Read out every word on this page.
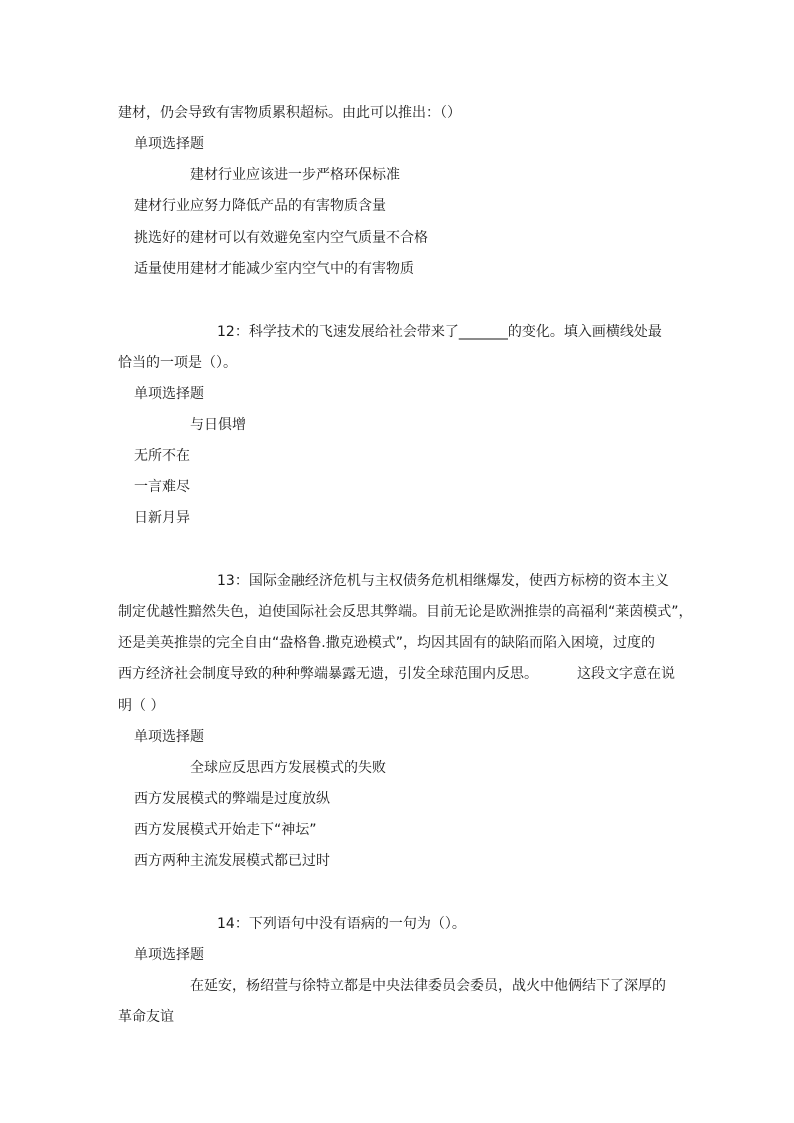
建材，仍会导致有害物质累积超标。由此可以推出：（）
单项选择题
建材行业应该进一步严格环保标准
建材行业应努力降低产品的有害物质含量
挑选好的建材可以有效避免室内空气质量不合格
适量使用建材才能减少室内空气中的有害物质
12：科学技术的飞速发展给社会带来了_______的变化。填入画横线处最
恰当的一项是（）。
单项选择题
与日俱增
无所不在
一言难尽
日新月异
13：国际金融经济危机与主权债务危机相继爆发，使西方标榜的资本主义
制定优越性黯然失色，迫使国际社会反思其弊端。目前无论是欧洲推崇的高福利“莱茵模式”，
还是美英推崇的完全自由“盎格鲁.撒克逊模式”，均因其固有的缺陷而陷入困境，过度的
西方经济社会制度导致的种种弊端暴露无遗，引发全球范围内反思。	这段文字意在说
明（ ）
单项选择题
全球应反思西方发展模式的失败
西方发展模式的弊端是过度放纵
西方发展模式开始走下“神坛”
西方两种主流发展模式都已过时
14：下列语句中没有语病的一句为（）。
单项选择题
在延安，杨绍萱与徐特立都是中央法律委员会委员，战火中他俩结下了深厚的
革命友谊
